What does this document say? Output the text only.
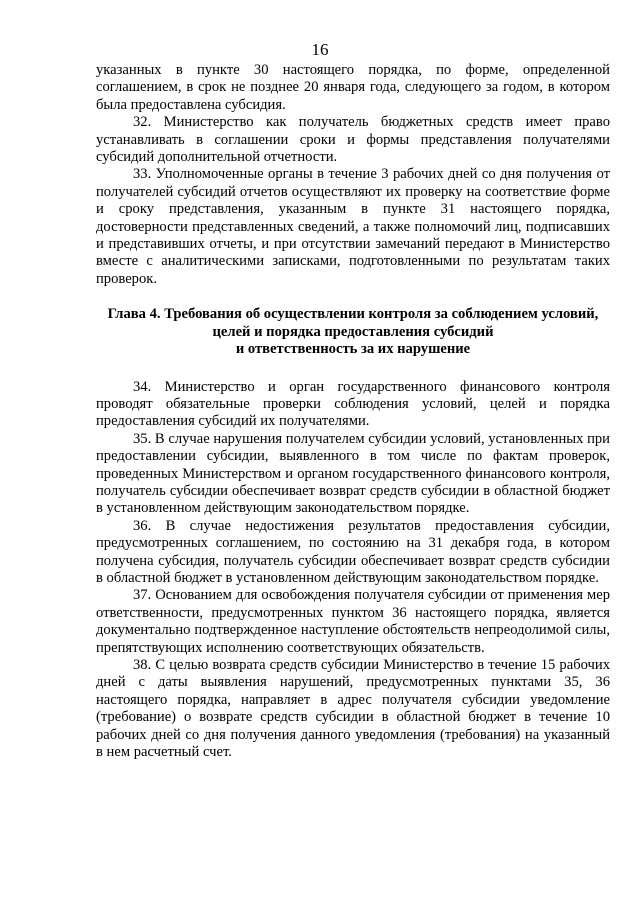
16

указанных в пункте 30 настоящего порядка, по форме, определенной соглашением, в срок не позднее 20 января года, следующего за годом, в котором была предоставлена субсидия.

32. Министерство как получатель бюджетных средств имеет право устанавливать в соглашении сроки и формы представления получателями субсидий дополнительной отчетности.

33. Уполномоченные органы в течение 3 рабочих дней со дня получения от получателей субсидий отчетов осуществляют их проверку на соответствие форме и сроку представления, указанным в пункте 31 настоящего порядка, достоверности представленных сведений, а также полномочий лиц, подписавших и представивших отчеты, и при отсутствии замечаний передают в Министерство вместе с аналитическими записками, подготовленными по результатам таких проверок.

Глава 4. Требования об осуществлении контроля за соблюдением условий,
целей и порядка предоставления субсидий
и ответственность за их нарушение

34. Министерство и орган государственного финансового контроля проводят обязательные проверки соблюдения условий, целей и порядка предоставления субсидий их получателями.

35. В случае нарушения получателем субсидии условий, установленных при предоставлении субсидии, выявленного в том числе по фактам проверок, проведенных Министерством и органом государственного финансового контроля, получатель субсидии обеспечивает возврат средств субсидии в областной бюджет в установленном действующим законодательством порядке.

36. В случае недостижения результатов предоставления субсидии, предусмотренных соглашением, по состоянию на 31 декабря года, в котором получена субсидия, получатель субсидии обеспечивает возврат средств субсидии в областной бюджет в установленном действующим законодательством порядке.

37. Основанием для освобождения получателя субсидии от применения мер ответственности, предусмотренных пунктом 36 настоящего порядка, является документально подтвержденное наступление обстоятельств непреодолимой силы, препятствующих исполнению соответствующих обязательств.

38. С целью возврата средств субсидии Министерство в течение 15 рабочих дней с даты выявления нарушений, предусмотренных пунктами 35, 36 настоящего порядка, направляет в адрес получателя субсидии уведомление (требование) о возврате средств субсидии в областной бюджет в течение 10 рабочих дней со дня получения данного уведомления (требования) на указанный в нем расчетный счет.
